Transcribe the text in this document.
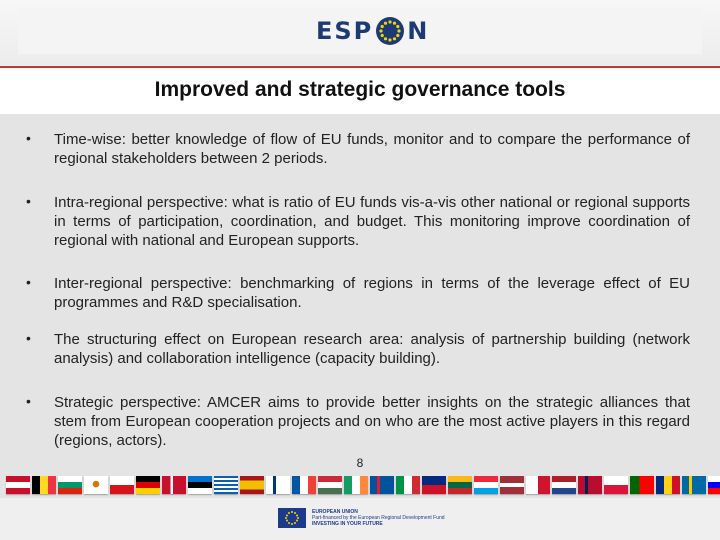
ESP N
Improved and strategic governance tools
• Time-wise: better knowledge of flow of EU funds, monitor and to compare the performance of regional stakeholders between 2 periods.
• Intra-regional perspective: what is ratio of EU funds vis-a-vis other national or regional supports in terms of participation, coordination, and budget. This monitoring improve coordination of regional with national and European supports.
• Inter-regional perspective: benchmarking of regions in terms of the leverage effect of EU programmes and R&D specialisation.
• The structuring effect on European research area: analysis of partnership building (network analysis) and collaboration intelligence (capacity building).
• Strategic perspective: AMCER aims to provide better insights on the strategic alliances that stem from European cooperation projects and on who are the most active players in this regard (regions, actors).
8
EUROPEAN UNION
Part-financed by the European Regional Development Fund
INVESTING IN YOUR FUTURE
